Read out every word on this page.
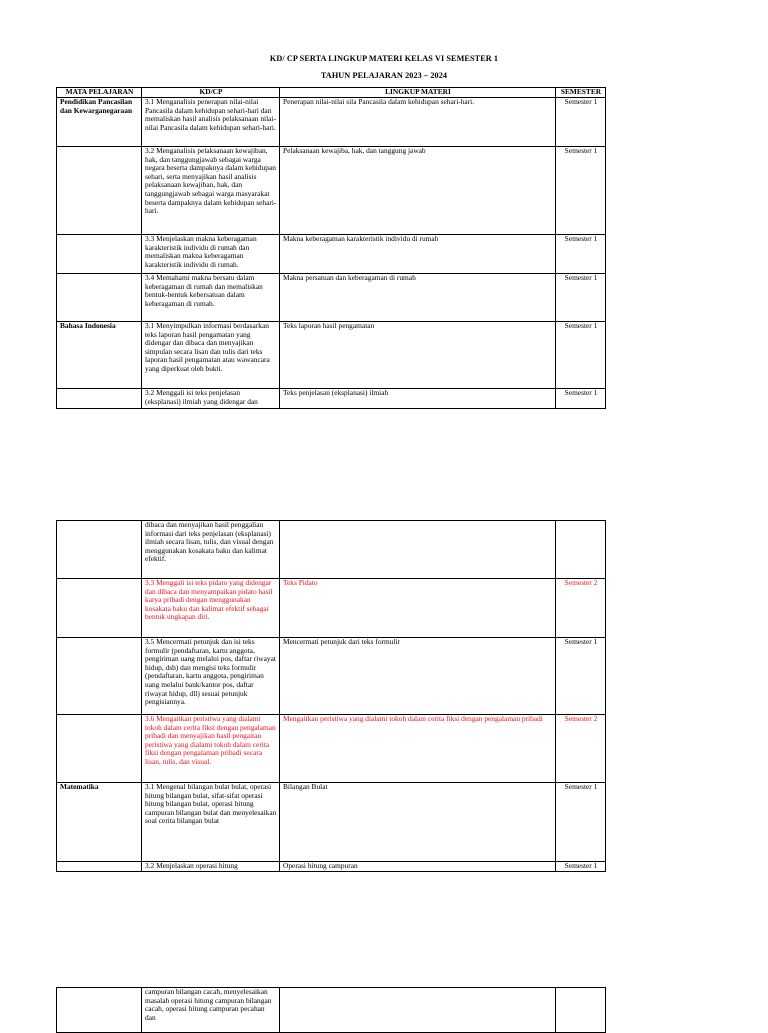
KD/ CP SERTA LINGKUP MATERI KELAS VI SEMESTER 1
TAHUN PELAJARAN 2023 – 2024
MATA PELAJARAN	KD/CP	LINGKUP MATERI	SEMESTER
Pendidikan Pancasilan dan Kewarganegaraan	3.1 Menganalisis penerapan nilai-nilai Pancasila dalam kehidupan sehari-hari dan memaliskan hasil analisis pelaksanaan nilai-nilai Pancasila dalam kehidupan sehari-hari.	Penerapan nilai-nilai sila Pancasila dalam kehidupan sehari-hari.	Semester 1
	3.2 Menganalisis pelaksanaan kewajiban, hak, dan tanggungjawab sebagai warga negara beserta dampaknya dalam kehidupan sehari, serta menyajikan hasil analisis pelaksanaan kewajiban, hak, dan tanggungjawab sebagai warga masyarakat beserta dampaknya dalam kehidupan sehari-hari.	Pelaksanaan kewajiba, hak, dan tanggung jawab	Semester 1
	3.3 Menjelaskan makna keberagaman karakteristik individu di rumah dan memaliskan makna keberagaman karakteristik individu di rumah.	Makna keberagaman karakteristik individu di rumah	Semester 1
	3.4 Memahami makna bersatu dalam keberagaman di rumah dan memaliskan bentuk-bentuk kebersatuan dalam keberagaman di rumah.	Makna persatuan dan keberagaman di rumah	Semester 1
Bahasa Indonesia	3.1 Menyimpulkan informasi berdasarkan teks laporan hasil pengamatan yang didengar dan dibaca dan menyajikan simpulan secara lisan dan tulis dari teks laporan hasil pengamatan atau wawancara yang diperkuat oleh bukti.	Teks laporan hasil pengamatan	Semester 1
	3.2 Menggali isi teks penjelasan (eksplanasi) ilmiah yang didengar dan	Teks penjelasan (eksplanasi) ilmiah	Semester 1
	dibaca dan menyajikan hasil penggalian informasi dari teks penjelasan (eksplanasi) ilmiah secara lisan, tulis, dan visual dengan menggunakan kosakata baku dan kalimat efektif.		
	3.3 Menggali isi teks pidato yang didengar dan dibaca dan menyampaikan pidato hasil karya pribadi dengan menggunakan kosakata baku dan kalimat efektif sebagai bentuk ungkapan diri.	Teks Pidato	Semester 2
	3.5 Mencermati petunjuk dan isi teks formulir (pendaftaran, kartu anggota, pengiriman uang melalui pos, daftar riwayat hidup, dsb) dan mengisi teks formulir (pendaftaran, kartu anggota, pengiriman uang melalui bank/kantor pos, daftar riwayat hidup, dll) sesuai petunjuk pengisiannya.	Mencermati petunjuk dari teks formulir	Semester 1
	3.6 Mengaitkan peristiwa yang dialami tokoh dalam cerita fiksi dengan pengalaman pribadi dan menyajikan hasil pengaitan peristiwa yang dialami tokoh dalam cerita fiksi dengan pengalaman pribadi secara lisan, tulis, dan visual.	Mengaitkan peristiwa yang dialami tokoh dalam cerita fiksi dengan pengalaman pribadi	Semester 2
Matematika	3.1 Mengenal bilangan bulat bulat, operasi hitung bilangan bulat, sifat-sifat operasi hitung bilangan bulat, operasi hitung campuran bilangan bulat dan menyelesaikan soal cerita bilangan bulat	Bilangan Bulat	Semester 1
	3.2 Menjelaskan operasi hitung	Operasi hitung campuran	Semester 1
	campuran bilangan cacah, menyelesaikan masalah operasi hitung campuran bilangan cacah, operasi hitung campuran pecahan dan		
